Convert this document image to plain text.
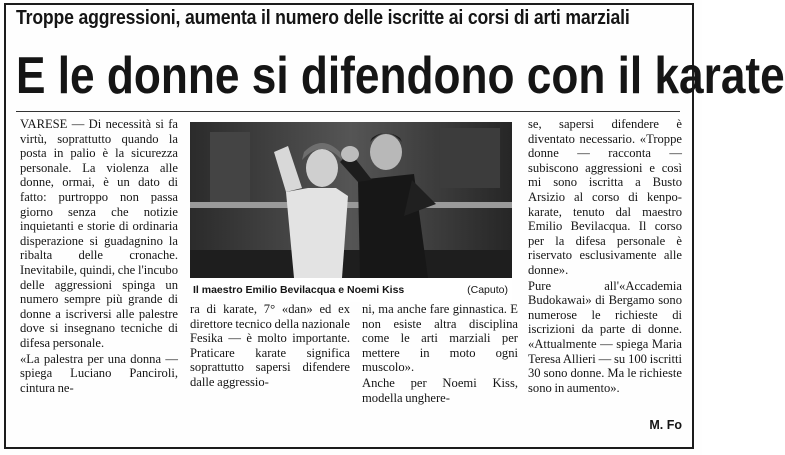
Troppe aggressioni, aumenta il numero delle iscritte ai corsi di arti marziali
E le donne si difendono con il karate

VARESE — Di necessità si fa virtù, soprattutto quando la posta in palio è la sicurezza personale. La violenza alle donne, ormai, è un dato di fatto: purtroppo non passa giorno senza che notizie inquietanti e storie di ordinaria disperazione si guadagnino la ribalta delle cronache. Inevitabile, quindi, che l'incubo delle aggressioni spinga un numero sempre più grande di donne a iscriversi alle palestre dove si insegnano tecniche di difesa personale.

«La palestra per una donna — spiega Luciano Panciroli, cintura ne-

Il maestro Emilio Bevilacqua e Noemi Kiss	(Caputo)

ra di karate, 7° «dan» ed ex direttore tecnico della nazionale Fesika — è molto importante. Praticare karate significa soprattutto sapersi difendere dalle aggressio-

ni, ma anche fare ginnastica. E non esiste altra disciplina come le arti marziali per mettere in moto ogni muscolo».

Anche per Noemi Kiss, modella unghere-

se, sapersi difendere è diventato necessario. «Troppe donne — racconta — subiscono aggressioni e così mi sono iscritta a Busto Arsizio al corso di kenpo-karate, tenuto dal maestro Emilio Bevilacqua. Il corso per la difesa personale è riservato esclusivamente alle donne».

Pure all'«Accademia Budokawai» di Bergamo sono numerose le richieste di iscrizioni da parte di donne. «Attualmente — spiega Maria Teresa Allieri — su 100 iscritti 30 sono donne. Ma le richieste sono in aumento».

M. Fo
